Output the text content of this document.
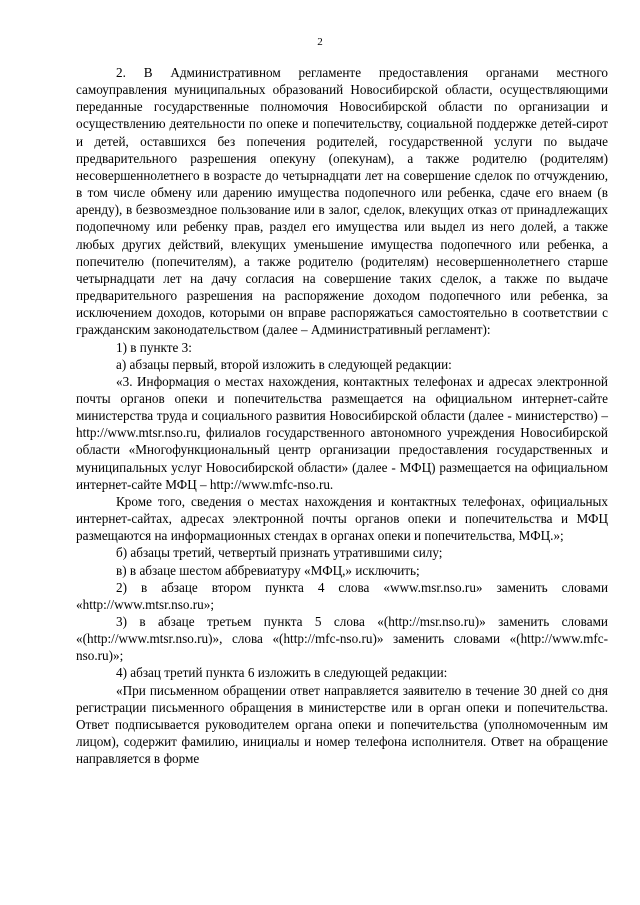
2

2. В Административном регламенте предоставления органами местного самоуправления муниципальных образований Новосибирской области, осуществляющими переданные государственные полномочия Новосибирской области по организации и осуществлению деятельности по опеке и попечительству, социальной поддержке детей-сирот и детей, оставшихся без попечения родителей, государственной услуги по выдаче предварительного разрешения опекуну (опекунам), а также родителю (родителям) несовершеннолетнего в возрасте до четырнадцати лет на совершение сделок по отчуждению, в том числе обмену или дарению имущества подопечного или ребенка, сдаче его внаем (в аренду), в безвозмездное пользование или в залог, сделок, влекущих отказ от принадлежащих подопечному или ребенку прав, раздел его имущества или выдел из него долей, а также любых других действий, влекущих уменьшение имущества подопечного или ребенка, а попечителю (попечителям), а также родителю (родителям) несовершеннолетнего старше четырнадцати лет на дачу согласия на совершение таких сделок, а также по выдаче предварительного разрешения на распоряжение доходом подопечного или ребенка, за исключением доходов, которыми он вправе распоряжаться самостоятельно в соответствии с гражданским законодательством (далее – Административный регламент):

1) в пункте 3:

а) абзацы первый, второй изложить в следующей редакции:

«3. Информация о местах нахождения, контактных телефонах и адресах электронной почты органов опеки и попечительства размещается на официальном интернет-сайте министерства труда и социального развития Новосибирской области (далее - министерство) – http://www.mtsr.nso.ru, филиалов государственного автономного учреждения Новосибирской области «Многофункциональный центр организации предоставления государственных и муниципальных услуг Новосибирской области» (далее - МФЦ) размещается на официальном интернет-сайте МФЦ – http://www.mfc-nso.ru.

Кроме того, сведения о местах нахождения и контактных телефонах, официальных интернет-сайтах, адресах электронной почты органов опеки и попечительства и МФЦ размещаются на информационных стендах в органах опеки и попечительства, МФЦ.»;

б) абзацы третий, четвертый признать утратившими силу;

в) в абзаце шестом аббревиатуру «МФЦ,» исключить;

2) в абзаце втором пункта 4 слова «www.msr.nso.ru» заменить словами «http://www.mtsr.nso.ru»;

3) в абзаце третьем пункта 5 слова «(http://msr.nso.ru)» заменить словами «(http://www.mtsr.nso.ru)», слова «(http://mfc-nso.ru)» заменить словами «(http://www.mfc-nso.ru)»;

4) абзац третий пункта 6 изложить в следующей редакции:

«При письменном обращении ответ направляется заявителю в течение 30 дней со дня регистрации письменного обращения в министерстве или в орган опеки и попечительства. Ответ подписывается руководителем органа опеки и попечительства (уполномоченным им лицом), содержит фамилию, инициалы и номер телефона исполнителя. Ответ на обращение направляется в форме
